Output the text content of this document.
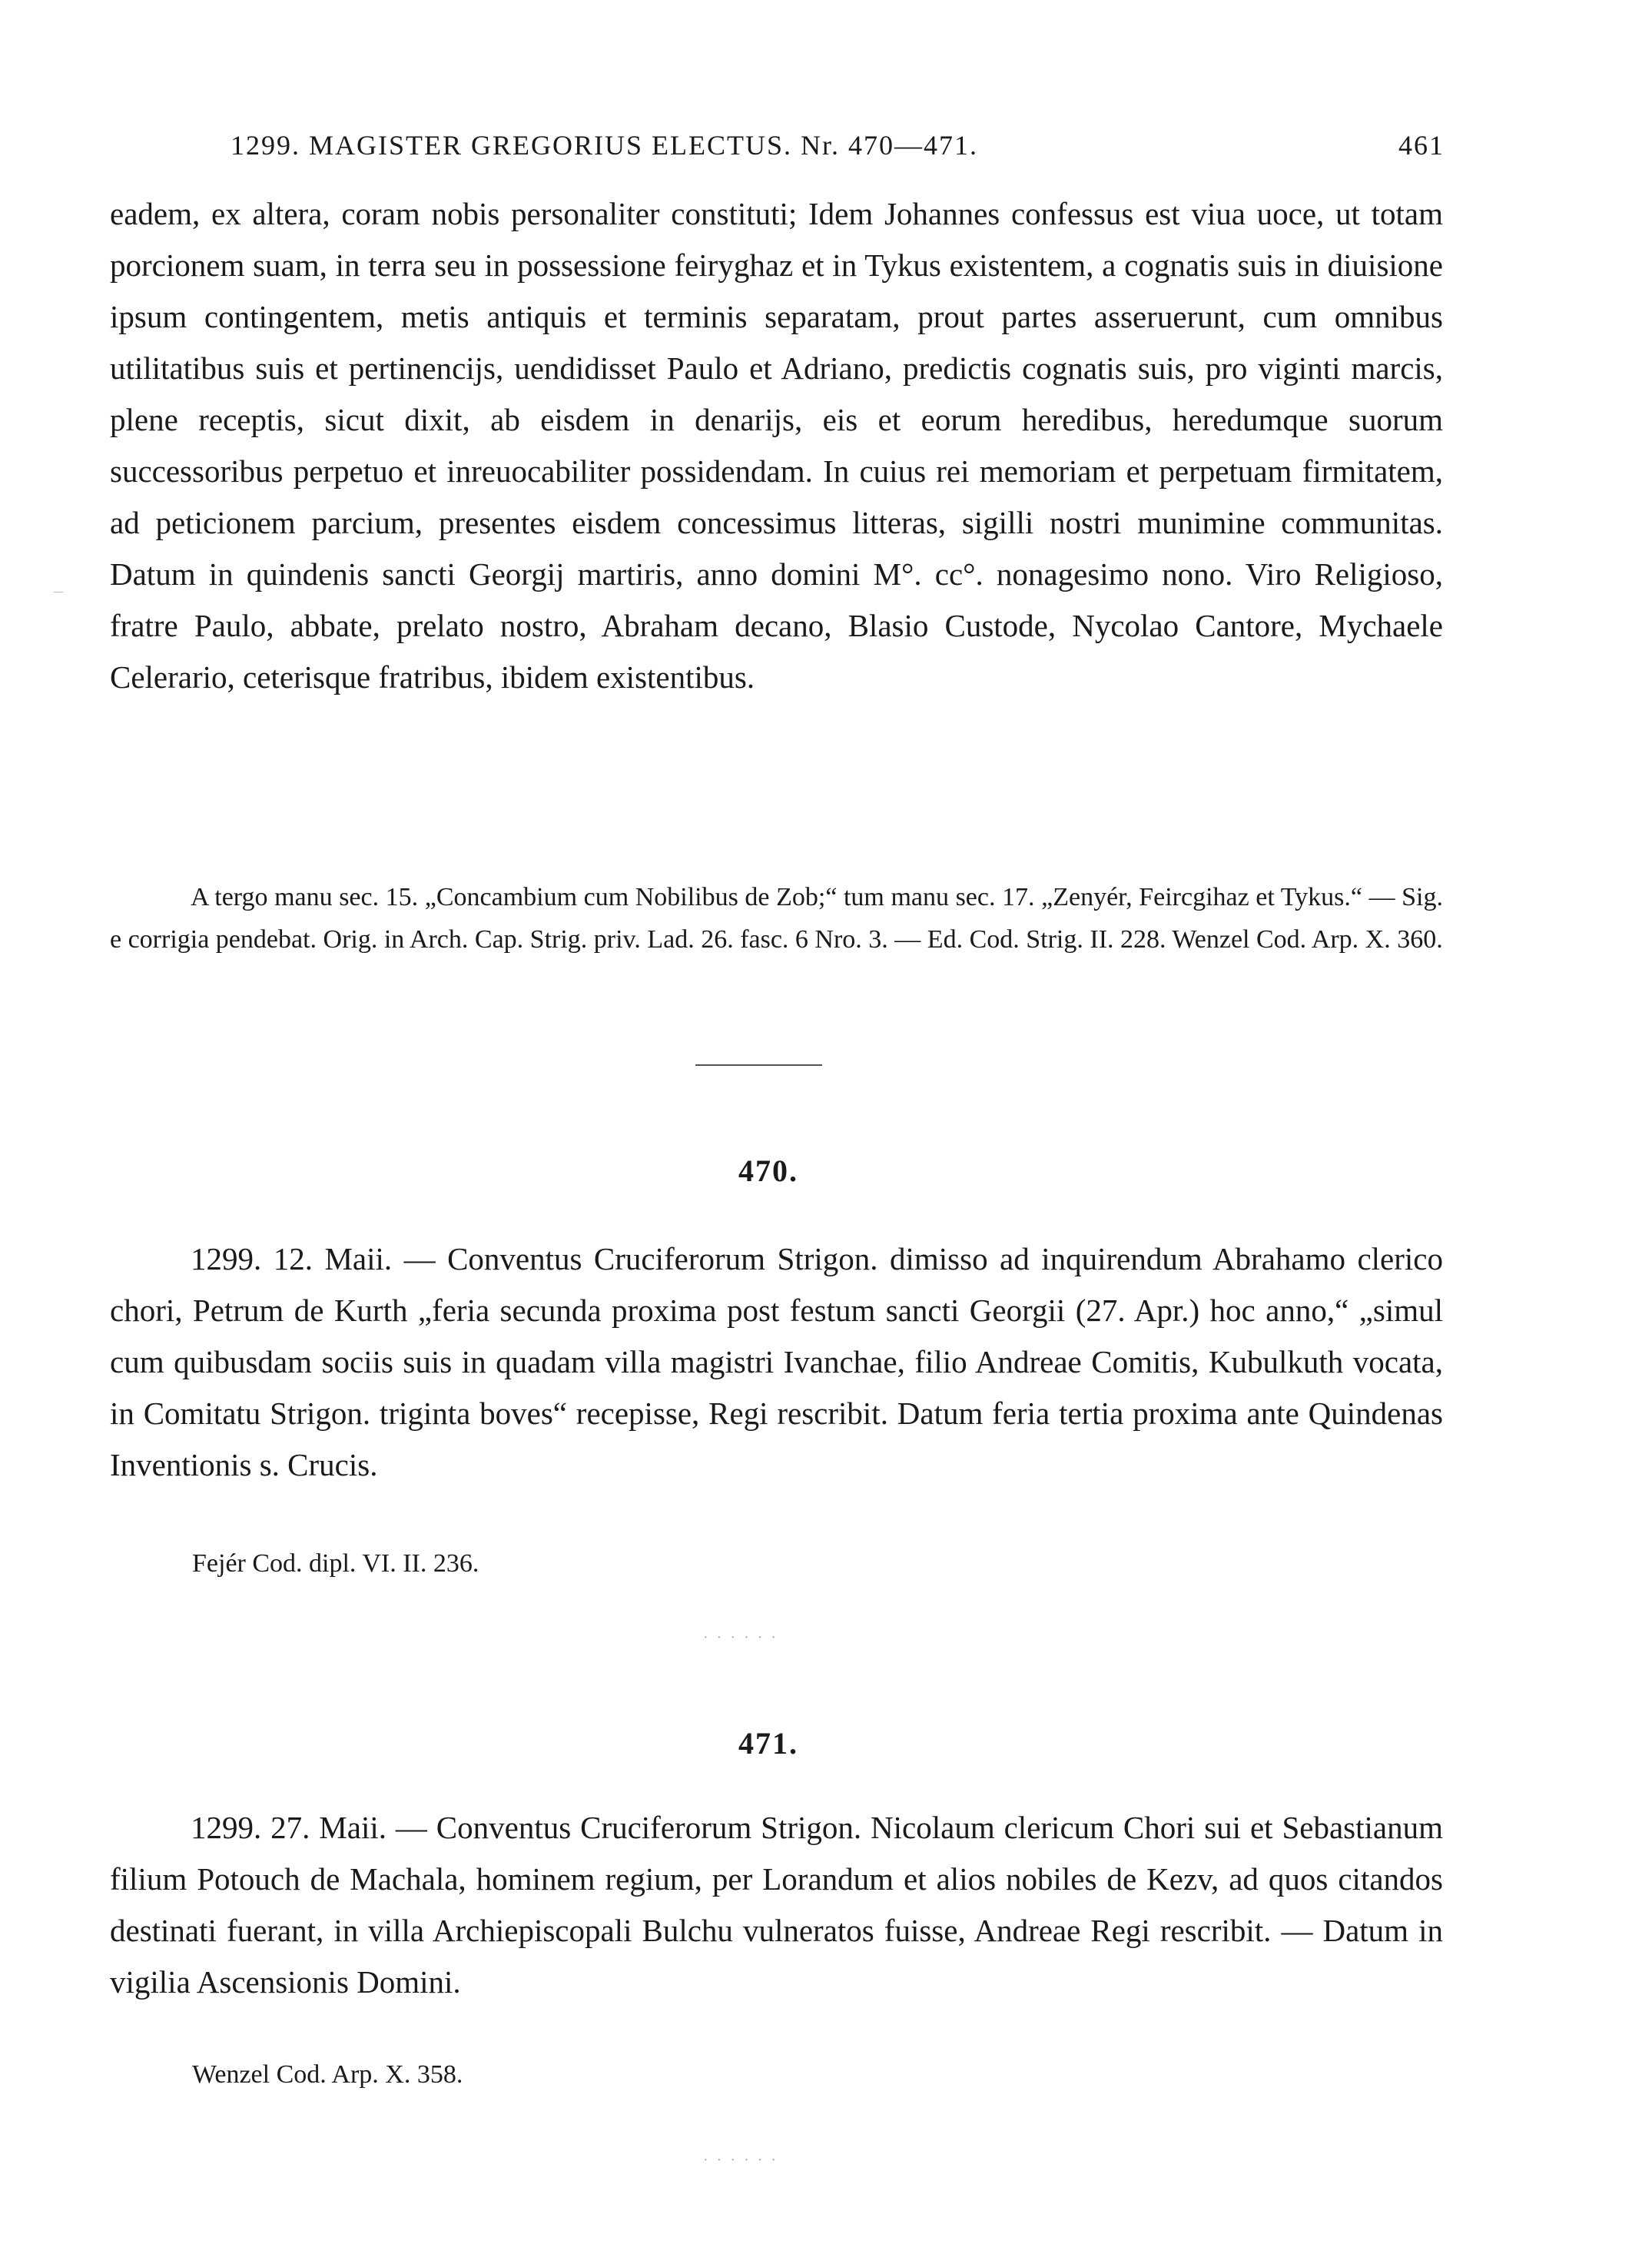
1299. MAGISTER GREGORIUS ELECTUS. Nr. 470—471.	461

eadem, ex altera, coram nobis personaliter constituti; Idem Johannes confessus est viua uoce, ut totam porcionem suam, in terra seu in possessione feiryghaz et in Tykus existentem, a cognatis suis in diuisione ipsum contingentem, metis antiquis et terminis separatam, prout partes asseruerunt, cum omnibus utilitatibus suis et pertinencijs, uendidisset Paulo et Adriano, predictis cognatis suis, pro viginti marcis, plene receptis, sicut dixit, ab eisdem in denarijs, eis et eorum heredibus, heredumque suorum successoribus perpetuo et inreuocabiliter possidendam. In cuius rei memoriam et perpetuam firmitatem, ad peticionem parcium, presentes eisdem concessimus litteras, sigilli nostri munimine communitas. Datum in quindenis sancti Georgij martiris, anno domini M°. cc°. nonagesimo nono. Viro Religioso, fratre Paulo, abbate, prelato nostro, Abraham decano, Blasio Custode, Nycolao Cantore, Mychaele Celerario, ceterisque fratribus, ibidem existentibus.

A tergo manu sec. 15. „Concambium cum Nobilibus de Zob;“ tum manu sec. 17. „Zenyér, Feircgihaz et Tykus.“ — Sig. e corrigia pendebat. Orig. in Arch. Cap. Strig. priv. Lad. 26. fasc. 6 Nro. 3. — Ed. Cod. Strig. II. 228. Wenzel Cod. Arp. X. 360.
470.
1299. 12. Maii. — Conventus Cruciferorum Strigon. dimisso ad inquirendum Abrahamo clerico chori, Petrum de Kurth „feria secunda proxima post festum sancti Georgii (27. Apr.) hoc anno,“ „simul cum quibusdam sociis suis in quadam villa magistri Ivanchae, filio Andreae Comitis, Kubulkuth vocata, in Comitatu Strigon. triginta boves“ recepisse, Regi rescribit. Datum feria tertia proxima ante Quindenas Inventionis s. Crucis.
Fejér Cod. dipl. VI. II. 236.
· · · · · ·
471.
1299. 27. Maii. — Conventus Cruciferorum Strigon. Nicolaum clericum Chori sui et Sebastianum filium Potouch de Machala, hominem regium, per Lorandum et alios nobiles de Kezv, ad quos citandos destinati fuerant, in villa Archiepiscopali Bulchu vulneratos fuisse, Andreae Regi rescribit. — Datum in vigilia Ascensionis Domini.
Wenzel Cod. Arp. X. 358.
· · · · · ·
